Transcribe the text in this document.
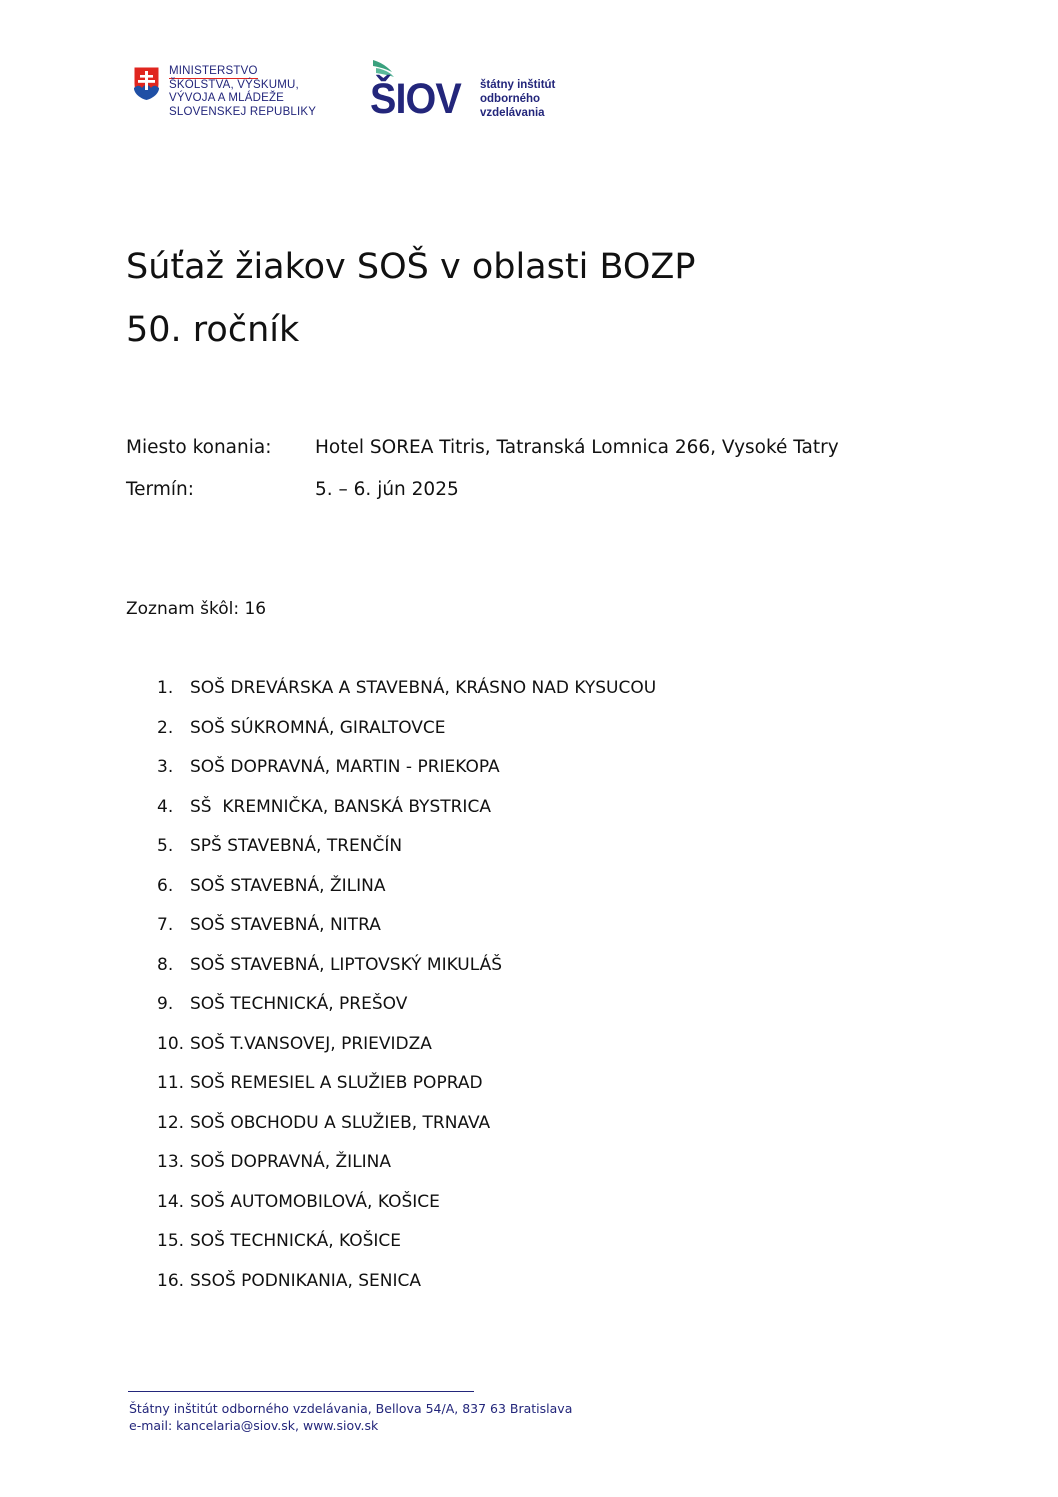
MINISTERSTVO
ŠKOLSTVA, VÝSKUMU,
VÝVOJA A MLÁDEŽE
SLOVENSKEJ REPUBLIKY ŠIOV štátny inštitút
odborného
vzdelávania
Súťaž žiakov SOŠ v oblasti BOZP
50. ročník
Miesto konania: Hotel SOREA Titris, Tatranská Lomnica 266, Vysoké Tatry
Termín:	5. – 6. jún 2025
Zoznam škôl: 16
1. SOŠ DREVÁRSKA A STAVEBNÁ, KRÁSNO NAD KYSUCOU
2. SOŠ SÚKROMNÁ, GIRALTOVCE
3. SOŠ DOPRAVNÁ, MARTIN - PRIEKOPA
4. SŠ  KREMNIČKA, BANSKÁ BYSTRICA
5. SPŠ STAVEBNÁ, TRENČÍN
6. SOŠ STAVEBNÁ, ŽILINA
7. SOŠ STAVEBNÁ, NITRA
8. SOŠ STAVEBNÁ, LIPTOVSKÝ MIKULÁŠ
9. SOŠ TECHNICKÁ, PREŠOV
10. SOŠ T.VANSOVEJ, PRIEVIDZA
11. SOŠ REMESIEL A SLUŽIEB POPRAD
12. SOŠ OBCHODU A SLUŽIEB, TRNAVA
13. SOŠ DOPRAVNÁ, ŽILINA
14. SOŠ AUTOMOBILOVÁ, KOŠICE
15. SOŠ TECHNICKÁ, KOŠICE
16. SSOŠ PODNIKANIA, SENICA
Štátny inštitút odborného vzdelávania, Bellova 54/A, 837 63 Bratislava
e-mail: kancelaria@siov.sk, www.siov.sk
